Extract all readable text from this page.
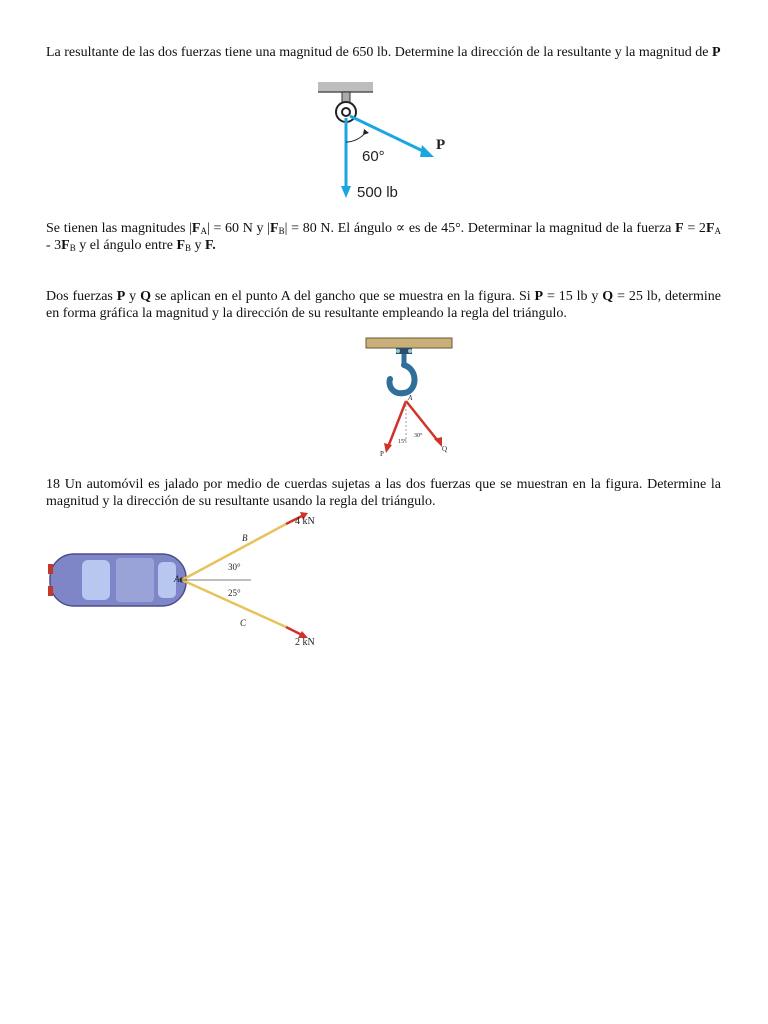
La resultante de las dos fuerzas tiene una magnitud de 650 lb. Determine la dirección de la resultante y la magnitud de P

60°
500 lb
P

Se tienen las magnitudes $|F_A| = 60$ N y $|F_B| = 80$ N. El ángulo ∝ es de 45°. Determinar la magnitud de la fuerza $F = 2F_A - 3F_B$ y el ángulo entre $F_B$ y F.

Dos fuerzas P y Q se aplican en el punto A del gancho que se muestra en la figura. Si P = 15 lb y Q = 25 lb, determine en forma gráfica la magnitud y la dirección de su resultante empleando la regla del triángulo.

A
P
Q
15°
30°

18 Un automóvil es jalado por medio de cuerdas sujetas a las dos fuerzas que se muestran en la figura. Determine la magnitud y la dirección de su resultante usando la regla del triángulo.

A
B
C
30°
25°
4 kN
2 kN
